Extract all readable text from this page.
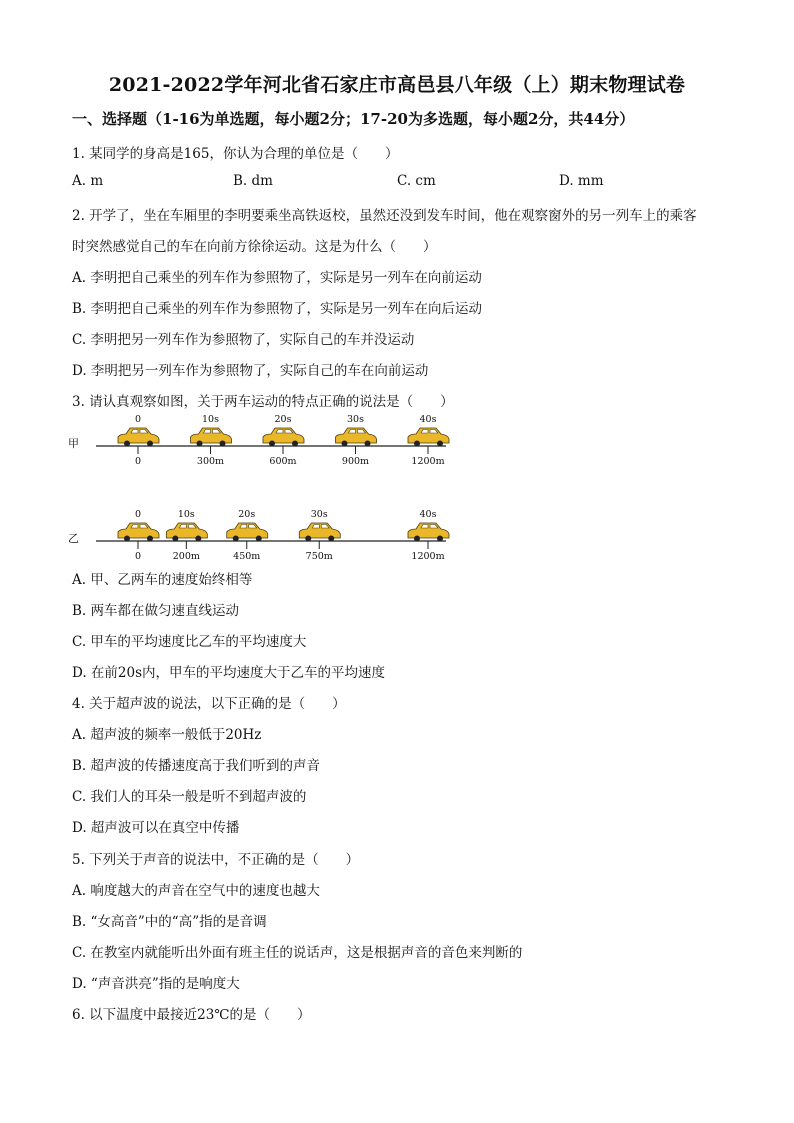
2021-2022学年河北省石家庄市高邑县八年级（上）期末物理试卷
一、选择题（1-16为单选题，每小题2分；17-20为多选题，每小题2分，共44分）
1. 某同学的身高是165，你认为合理的单位是（　　）
A. m	B. dm	C. cm	D. mm
2. 开学了，坐在车厢里的李明要乘坐高铁返校，虽然还没到发车时间，他在观察窗外的另一列车上的乘客
时突然感觉自己的车在向前方徐徐运动。这是为什么（　　）
A. 李明把自己乘坐的列车作为参照物了，实际是另一列车在向前运动
B. 李明把自己乘坐的列车作为参照物了，实际是另一列车在向后运动
C. 李明把另一列车作为参照物了，实际自己的车并没运动
D. 李明把另一列车作为参照物了，实际自己的车在向前运动
3. 请认真观察如图，关于两车运动的特点正确的说法是（　　）
甲
0
0
10s
300m
20s
600m
30s
900m
40s
1200m
乙
0
0
10s
200m
20s
450m
30s
750m
40s
1200m
A. 甲、乙两车的速度始终相等
B. 两车都在做匀速直线运动
C. 甲车的平均速度比乙车的平均速度大
D. 在前20s内，甲车的平均速度大于乙车的平均速度
4. 关于超声波的说法，以下正确的是（　　）
A. 超声波的频率一般低于20Hz
B. 超声波的传播速度高于我们听到的声音
C. 我们人的耳朵一般是听不到超声波的
D. 超声波可以在真空中传播
5. 下列关于声音的说法中，不正确的是（　　）
A. 响度越大的声音在空气中的速度也越大
B. “女高音”中的“高”指的是音调
C. 在教室内就能听出外面有班主任的说话声，这是根据声音的音色来判断的
D. “声音洪亮”指的是响度大
6. 以下温度中最接近23℃的是（　　）
